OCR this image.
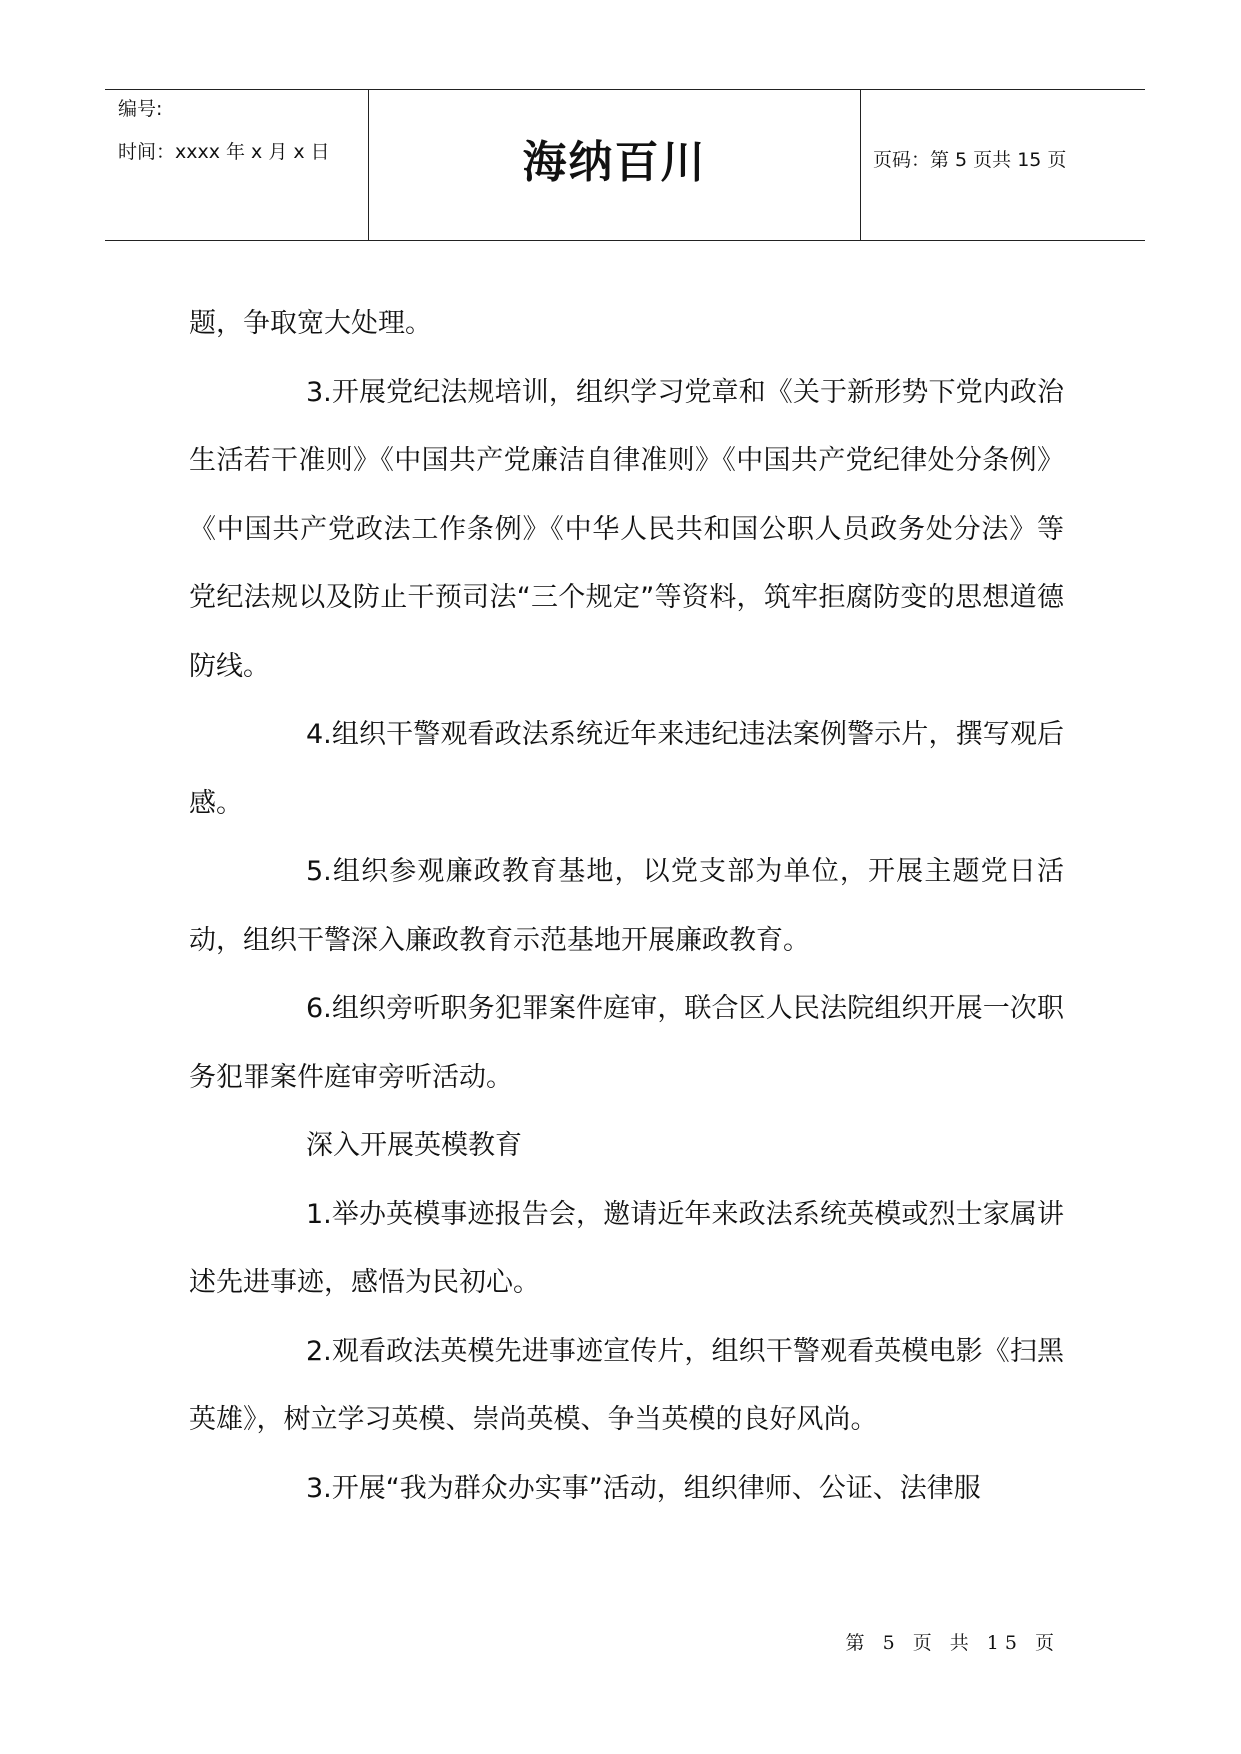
编号:
时间：xxxx 年 x 月 x 日	海纳百川	页码：第 5 页共 15 页

题，争取宽大处理。

3.开展党纪法规培训，组织学习党章和《关于新形势下党内政治生活若干准则》《中国共产党廉洁自律准则》《中国共产党纪律处分条例》《中国共产党政法工作条例》《中华人民共和国公职人员政务处分法》等党纪法规以及防止干预司法“三个规定”等资料，筑牢拒腐防变的思想道德防线。

4.组织干警观看政法系统近年来违纪违法案例警示片，撰写观后感。

5.组织参观廉政教育基地，以党支部为单位，开展主题党日活动，组织干警深入廉政教育示范基地开展廉政教育。

6.组织旁听职务犯罪案件庭审，联合区人民法院组织开展一次职务犯罪案件庭审旁听活动。

深入开展英模教育

1.举办英模事迹报告会，邀请近年来政法系统英模或烈士家属讲述先进事迹，感悟为民初心。

2.观看政法英模先进事迹宣传片，组织干警观看英模电影《扫黑英雄》，树立学习英模、崇尚英模、争当英模的良好风尚。

3.开展“我为群众办实事”活动，组织律师、公证、法律服

第 5 页 共 15 页
